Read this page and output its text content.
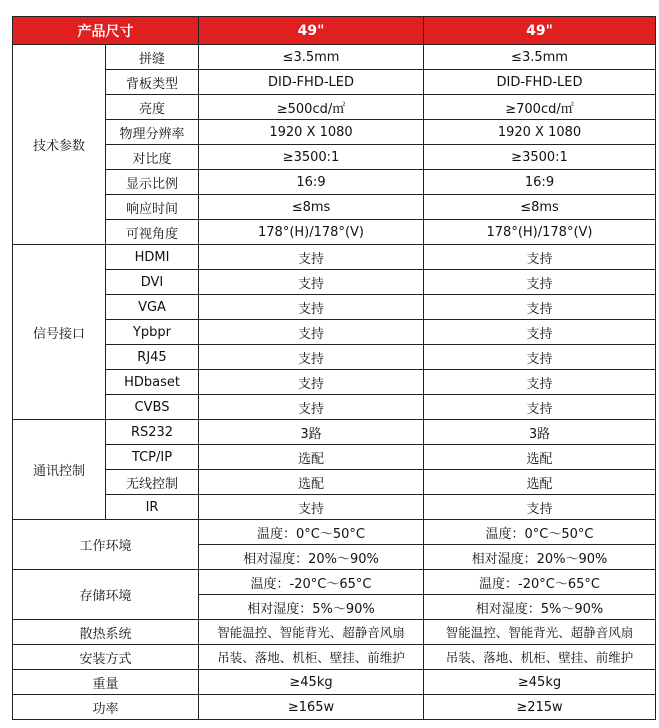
产品尺寸		49"	49"
技术参数	拼缝	≤3.5mm	≤3.5mm
	背板类型	DID-FHD-LED	DID-FHD-LED
	亮度	≥500cd/㎡	≥700cd/㎡
	物理分辨率	1920 X 1080	1920 X 1080
	对比度	≥3500:1	≥3500:1
	显示比例	16:9	16:9
	响应时间	≤8ms	≤8ms
	可视角度	178°(H)/178°(V)	178°(H)/178°(V)
信号接口	HDMI	支持	支持
	DVI	支持	支持
	VGA	支持	支持
	Ypbpr	支持	支持
	RJ45	支持	支持
	HDbaset	支持	支持
	CVBS	支持	支持
通讯控制	RS232	3路	3路
	TCP/IP	选配	选配
	无线控制	选配	选配
	IR	支持	支持
工作环境		温度：0°C～50°C	温度：0°C～50°C
		相对湿度：20%～90%	相对湿度：20%～90%
存储环境		温度：-20°C～65°C	温度：-20°C～65°C
		相对湿度：5%～90%	相对湿度：5%～90%
散热系统		智能温控、智能背光、超静音风扇	智能温控、智能背光、超静音风扇
安装方式		吊装、落地、机柜、壁挂、前维护	吊装、落地、机柜、壁挂、前维护
重量		≥45kg	≥45kg
功率		≥165w	≥215w
